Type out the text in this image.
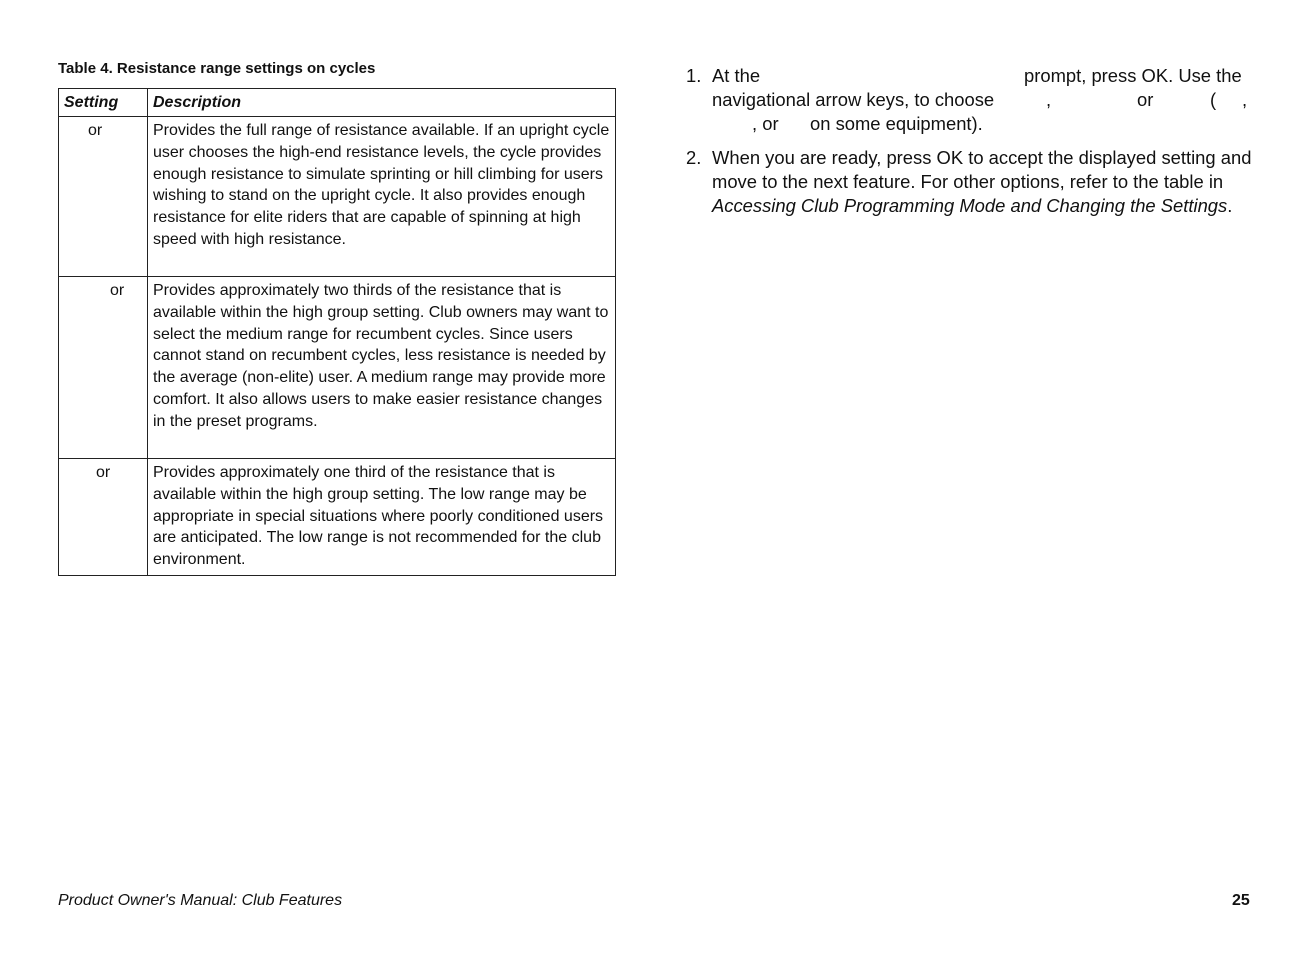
Table 4. Resistance range settings on cycles
Setting	Description

or	Provides the full range of resistance available. If an upright cycle user chooses the high-end resistance levels, the cycle provides enough resistance to simulate sprinting or hill climbing for users wishing to stand on the upright cycle. It also provides enough resistance for elite riders that are capable of spinning at high speed with high resistance.

or	Provides approximately two thirds of the resistance that is available within the high group setting. Club owners may want to select the medium range for recumbent cycles. Since users cannot stand on recumbent cycles, less resistance is needed by the average (non-elite) user. A medium range may provide more comfort. It also allows users to make easier resistance changes in the preset programs.

or	Provides approximately one third of the resistance that is available within the high group setting. The low range may be appropriate in special situations where poorly conditioned users are anticipated. The low range is not recommended for the club environment.
1. At the	prompt, press OK. Use the
navigational arrow keys, to choose	,	or	( ,
, or on some equipment).
2. When you are ready, press OK to accept the displayed setting and move to the next feature. For other options, refer to the table in Accessing Club Programming Mode and Changing the Settings.
Product Owner's Manual: Club Features	25
